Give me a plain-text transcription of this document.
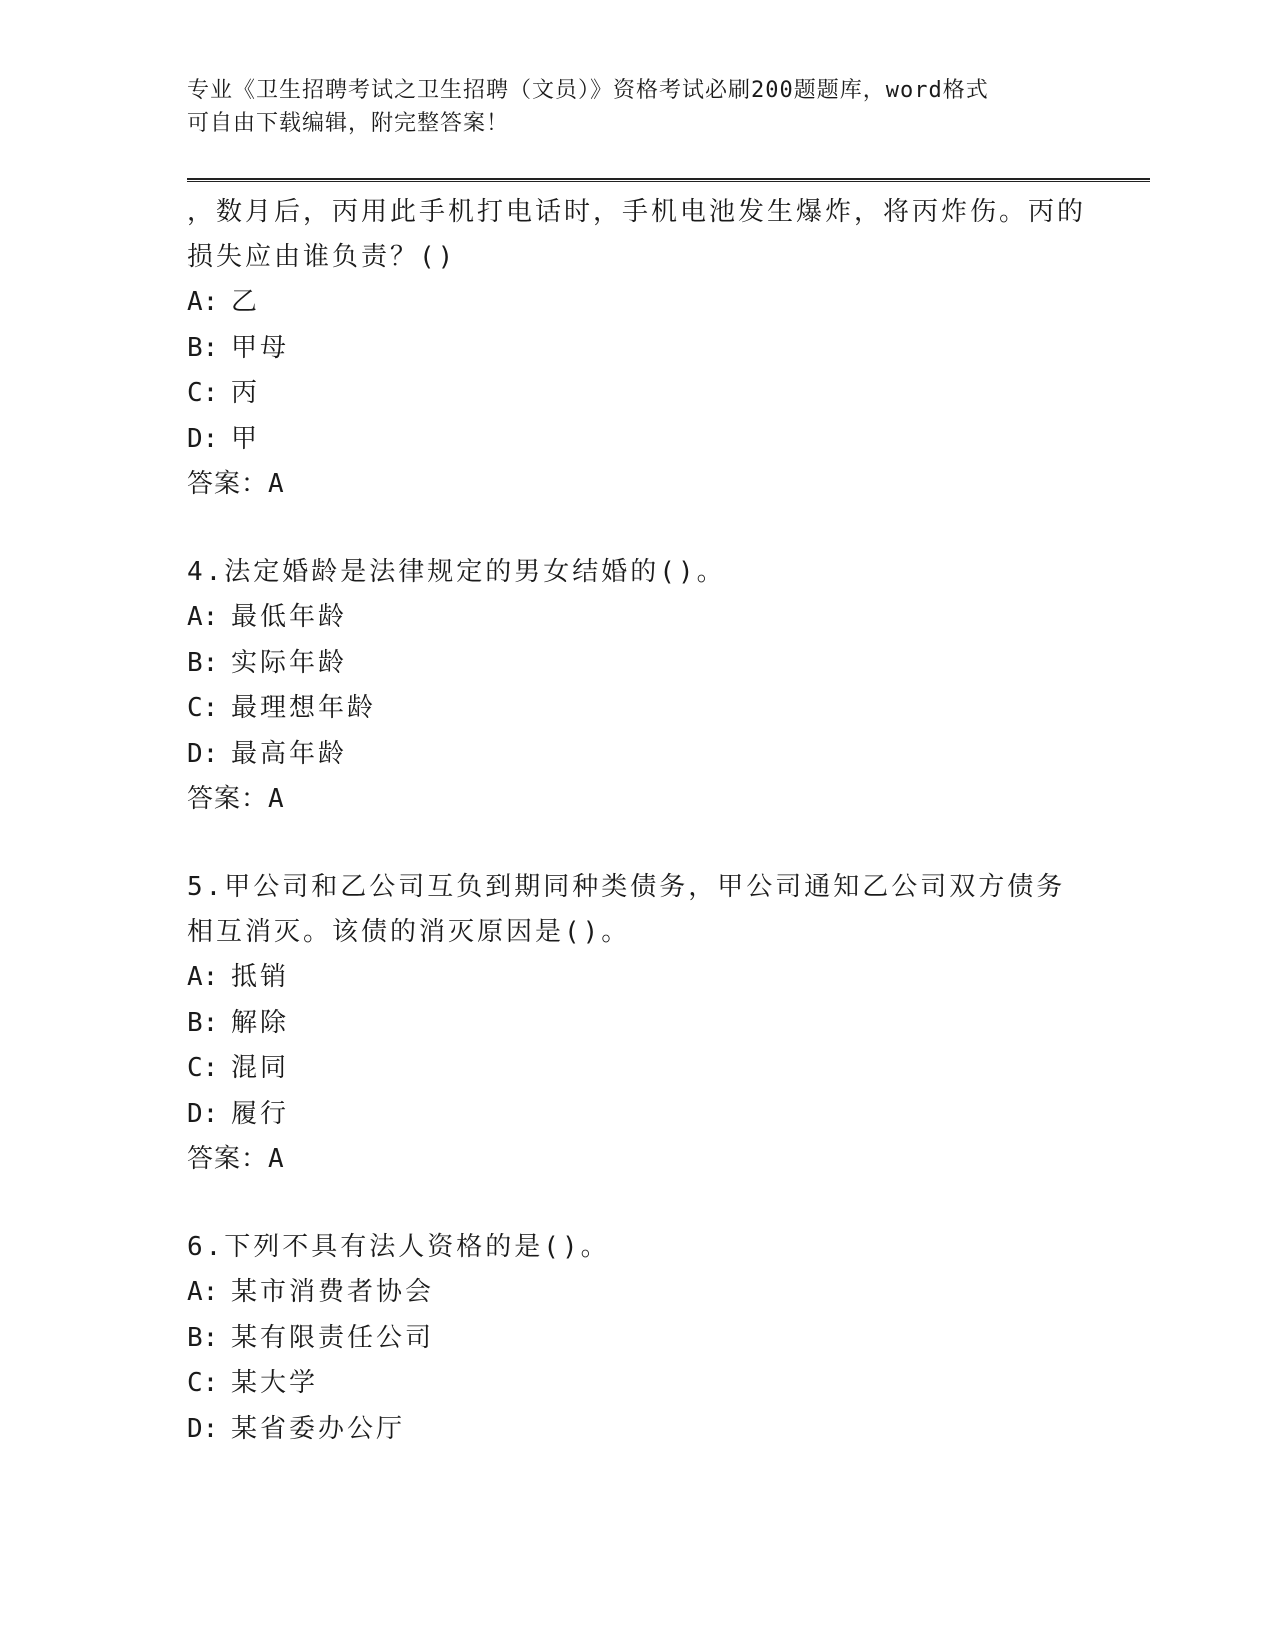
专业《卫生招聘考试之卫生招聘（文员）》资格考试必刷200题题库，word格式
可自由下载编辑，附完整答案！
，数月后，丙用此手机打电话时，手机电池发生爆炸，将丙炸伤。丙的损失应由谁负责？()
A: 乙
B: 甲母
C: 丙
D: 甲
答案：A
4.法定婚龄是法律规定的男女结婚的()。
A: 最低年龄
B: 实际年龄
C: 最理想年龄
D: 最高年龄
答案：A
5.甲公司和乙公司互负到期同种类债务，甲公司通知乙公司双方债务相互消灭。该债的消灭原因是()。
A: 抵销
B: 解除
C: 混同
D: 履行
答案：A
6.下列不具有法人资格的是()。
A: 某市消费者协会
B: 某有限责任公司
C: 某大学
D: 某省委办公厅
